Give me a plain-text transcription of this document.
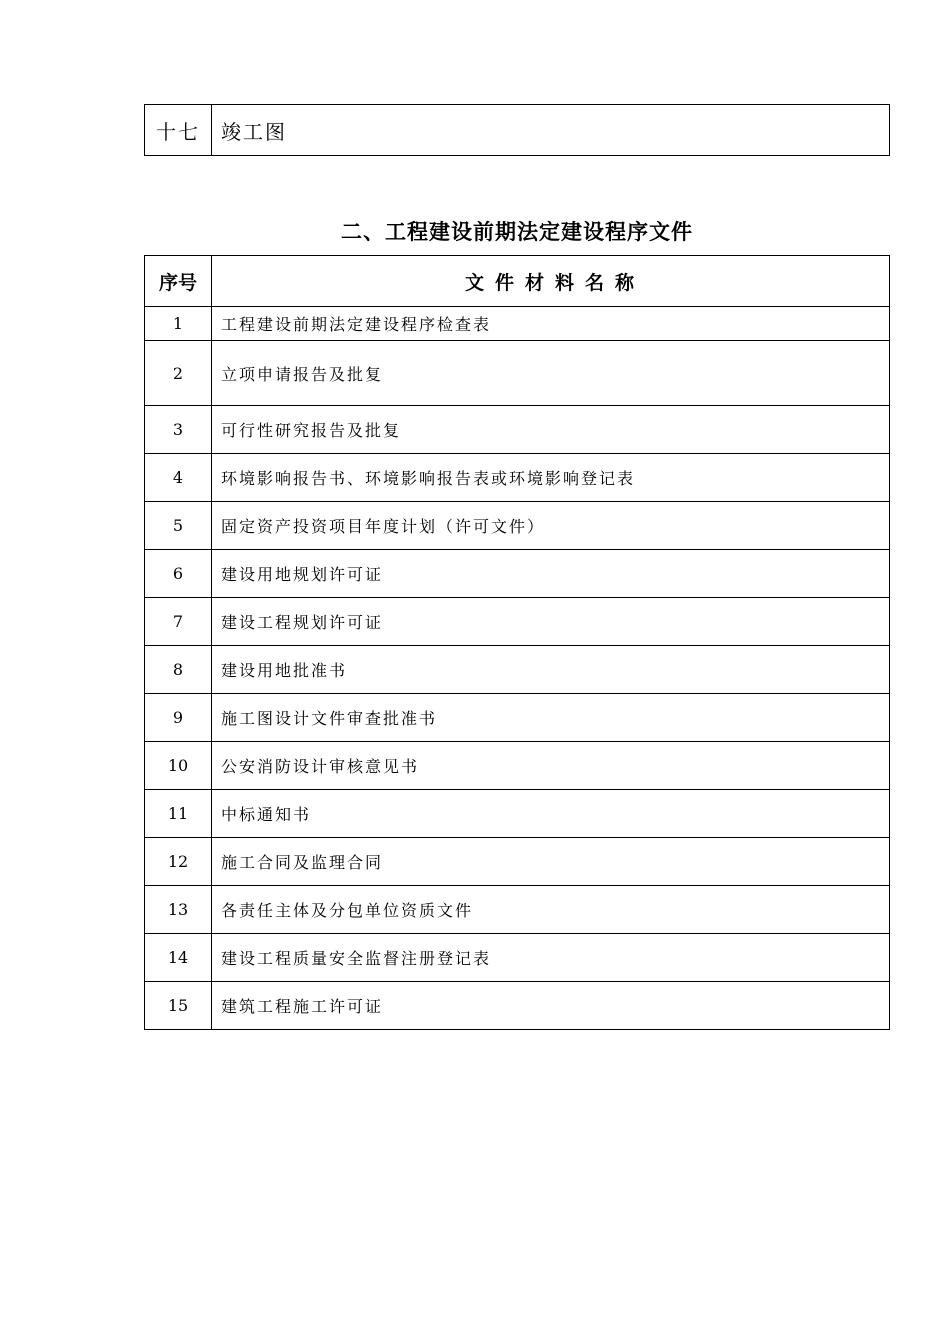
十七	竣工图
二、工程建设前期法定建设程序文件
序号	文件材料名称
1	工程建设前期法定建设程序检查表
2	立项申请报告及批复
3	可行性研究报告及批复
4	环境影响报告书、环境影响报告表或环境影响登记表
5	固定资产投资项目年度计划（许可文件）
6	建设用地规划许可证
7	建设工程规划许可证
8	建设用地批准书
9	施工图设计文件审查批准书
10	公安消防设计审核意见书
11	中标通知书
12	施工合同及监理合同
13	各责任主体及分包单位资质文件
14	建设工程质量安全监督注册登记表
15	建筑工程施工许可证
